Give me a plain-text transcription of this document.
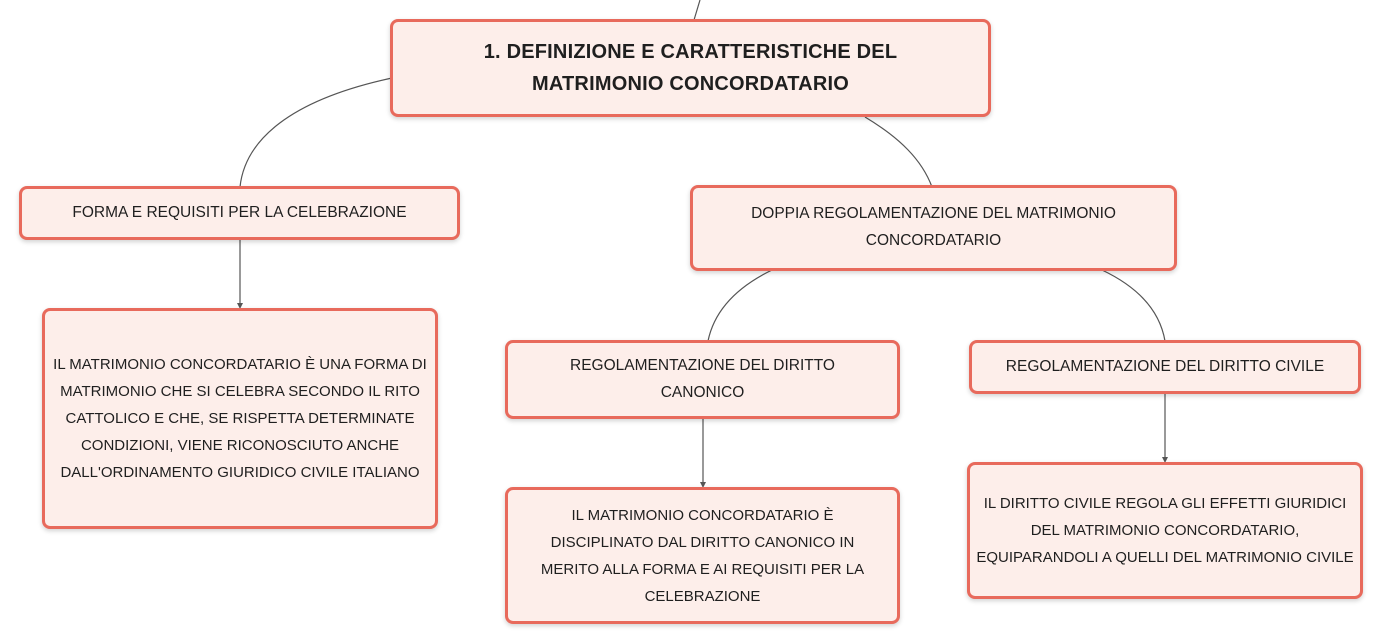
1. DEFINIZIONE E CARATTERISTICHE DEL MATRIMONIO CONCORDATARIO
FORMA E REQUISITI PER LA CELEBRAZIONE
IL MATRIMONIO CONCORDATARIO È UNA FORMA DI MATRIMONIO CHE SI CELEBRA SECONDO IL RITO CATTOLICO E CHE, SE RISPETTA DETERMINATE CONDIZIONI, VIENE RICONOSCIUTO ANCHE DALL'ORDINAMENTO GIURIDICO CIVILE ITALIANO
DOPPIA REGOLAMENTAZIONE DEL MATRIMONIO CONCORDATARIO
REGOLAMENTAZIONE DEL DIRITTO CANONICO
IL MATRIMONIO CONCORDATARIO È DISCIPLINATO DAL DIRITTO CANONICO IN MERITO ALLA FORMA E AI REQUISITI PER LA CELEBRAZIONE
REGOLAMENTAZIONE DEL DIRITTO CIVILE
IL DIRITTO CIVILE REGOLA GLI EFFETTI GIURIDICI DEL MATRIMONIO CONCORDATARIO, EQUIPARANDOLI A QUELLI DEL MATRIMONIO CIVILE
